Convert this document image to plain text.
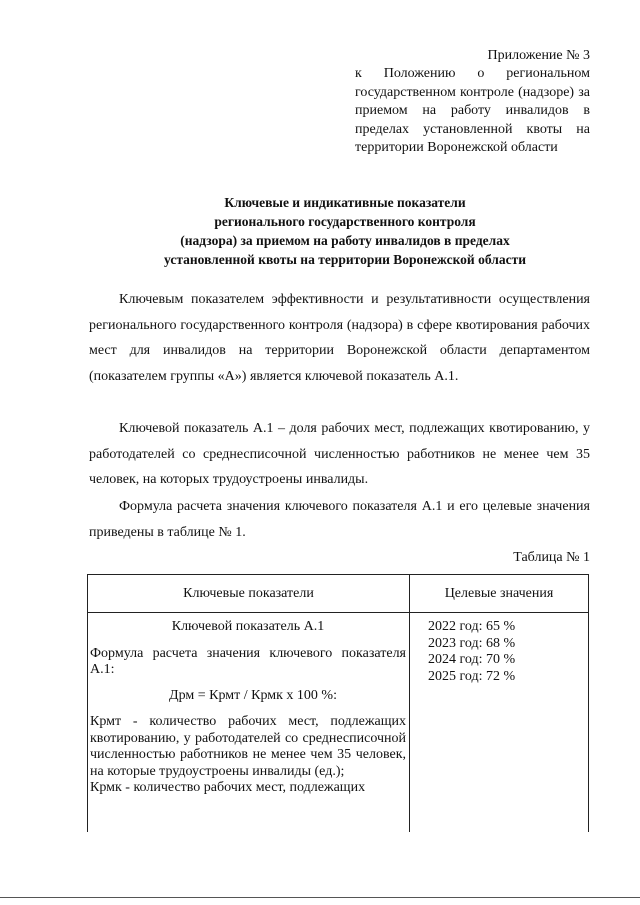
Приложение № 3
к Положению о региональном государственном контроле (надзоре) за приемом на работу инвалидов в пределах установленной квоты на территории Воронежской области
Ключевые и индикативные показатели
регионального государственного контроля
(надзора) за приемом на работу инвалидов в пределах
установленной квоты на территории Воронежской области

Ключевым показателем эффективности и результативности осуществления регионального государственного контроля (надзора) в сфере квотирования рабочих мест для инвалидов на территории Воронежской области департаментом (показателем группы «А») является ключевой показатель А.1.

Ключевой показатель А.1 – доля рабочих мест, подлежащих квотированию, у работодателей со среднесписочной численностью работников не менее чем 35 человек, на которых трудоустроены инвалиды.

Формула расчета значения ключевого показателя А.1 и его целевые значения приведены в таблице № 1.

Таблица № 1
Ключевые показатели	Целевые значения
Ключевой показатель А.1
Формула расчета значения ключевого показателя А.1:
Дрм = Крмт / Крмк х 100 %:
Крмт - количество рабочих мест, подлежащих квотированию, у работодателей со среднесписочной численностью работников не менее чем 35 человек, на которые трудоустроены инвалиды (ед.);
Крмк - количество рабочих мест, подлежащих
2022 год: 65 %
2023 год: 68 %
2024 год: 70 %
2025 год: 72 %
